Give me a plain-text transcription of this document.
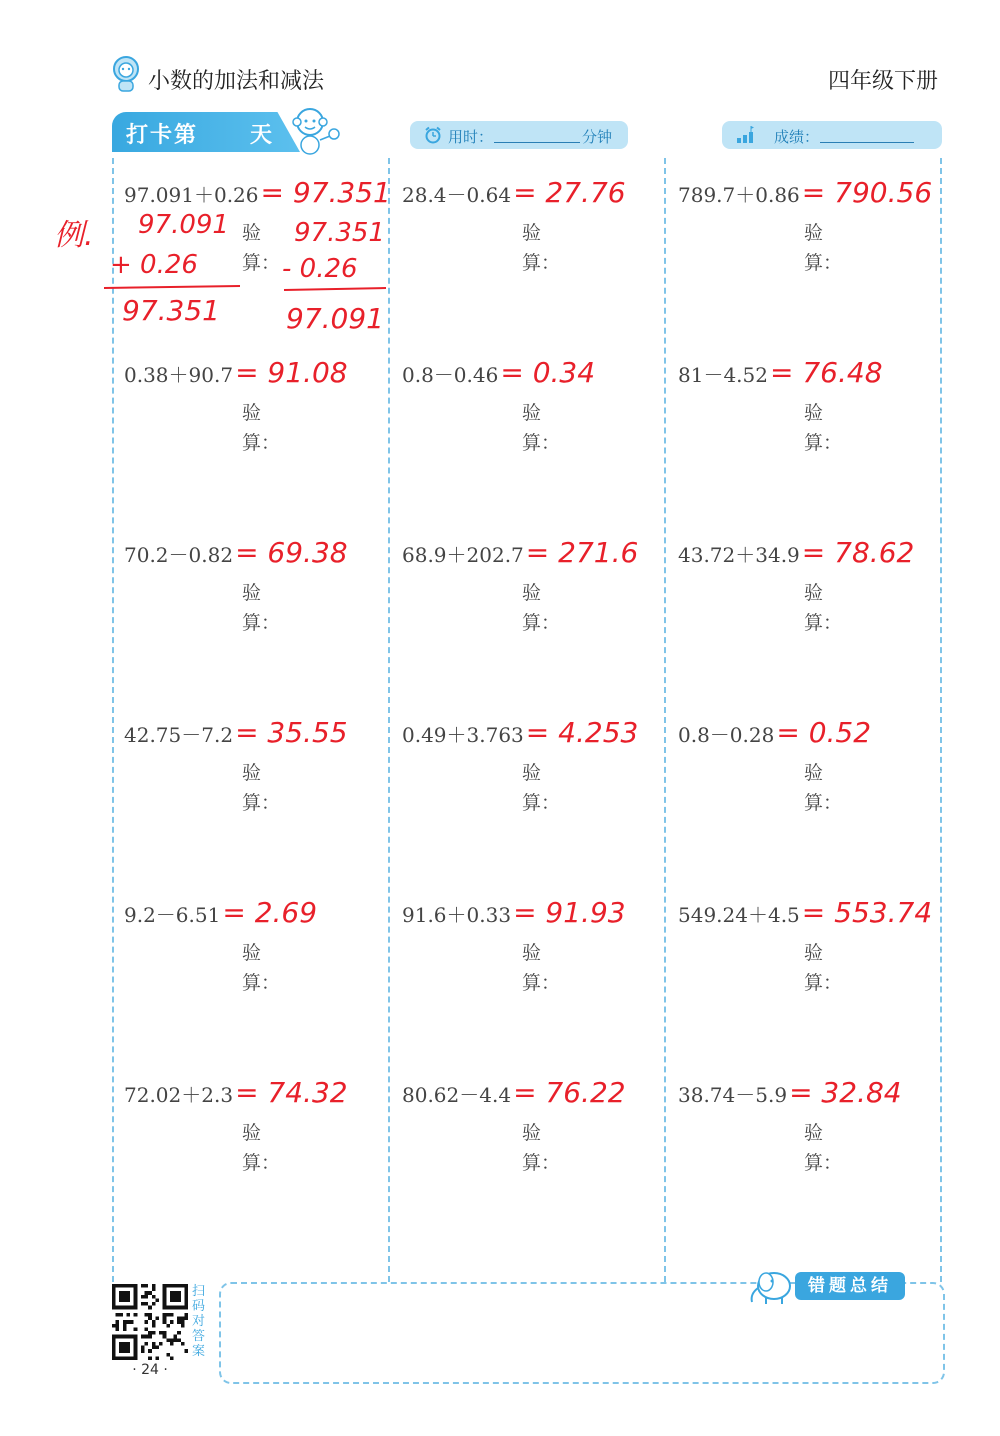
小数的加法和减法	四年级下册
打卡第 天	用时：	分钟	成绩：
97.091＋0.26 = 97.351
验
算：
28.4－0.64 = 27.76
验
算：
789.7＋0.86 = 790.56
验
算：
0.38＋90.7 = 91.08
验
算：
0.8－0.46 = 0.34
验
算：
81－4.52 = 76.48
验
算：
70.2－0.82 = 69.38
验
算：
68.9＋202.7 = 271.6
验
算：
43.72＋34.9 = 78.62
验
算：
42.75－7.2 = 35.55
验
算：
0.49＋3.763 = 4.253
验
算：
0.8－0.28 = 0.52
验
算：
9.2－6.51 = 2.69
验
算：
91.6＋0.33 = 91.93
验
算：
549.24＋4.5 = 553.74
验
算：
72.02＋2.3 = 74.32
验
算：
80.62－4.4 = 76.22
验
算：
38.74－5.9 = 32.84
验
算：
例. 97.091
+ 0.26
97.351
97.351
- 0.26
97.091
错题总结
扫码对答案
· 24 ·
